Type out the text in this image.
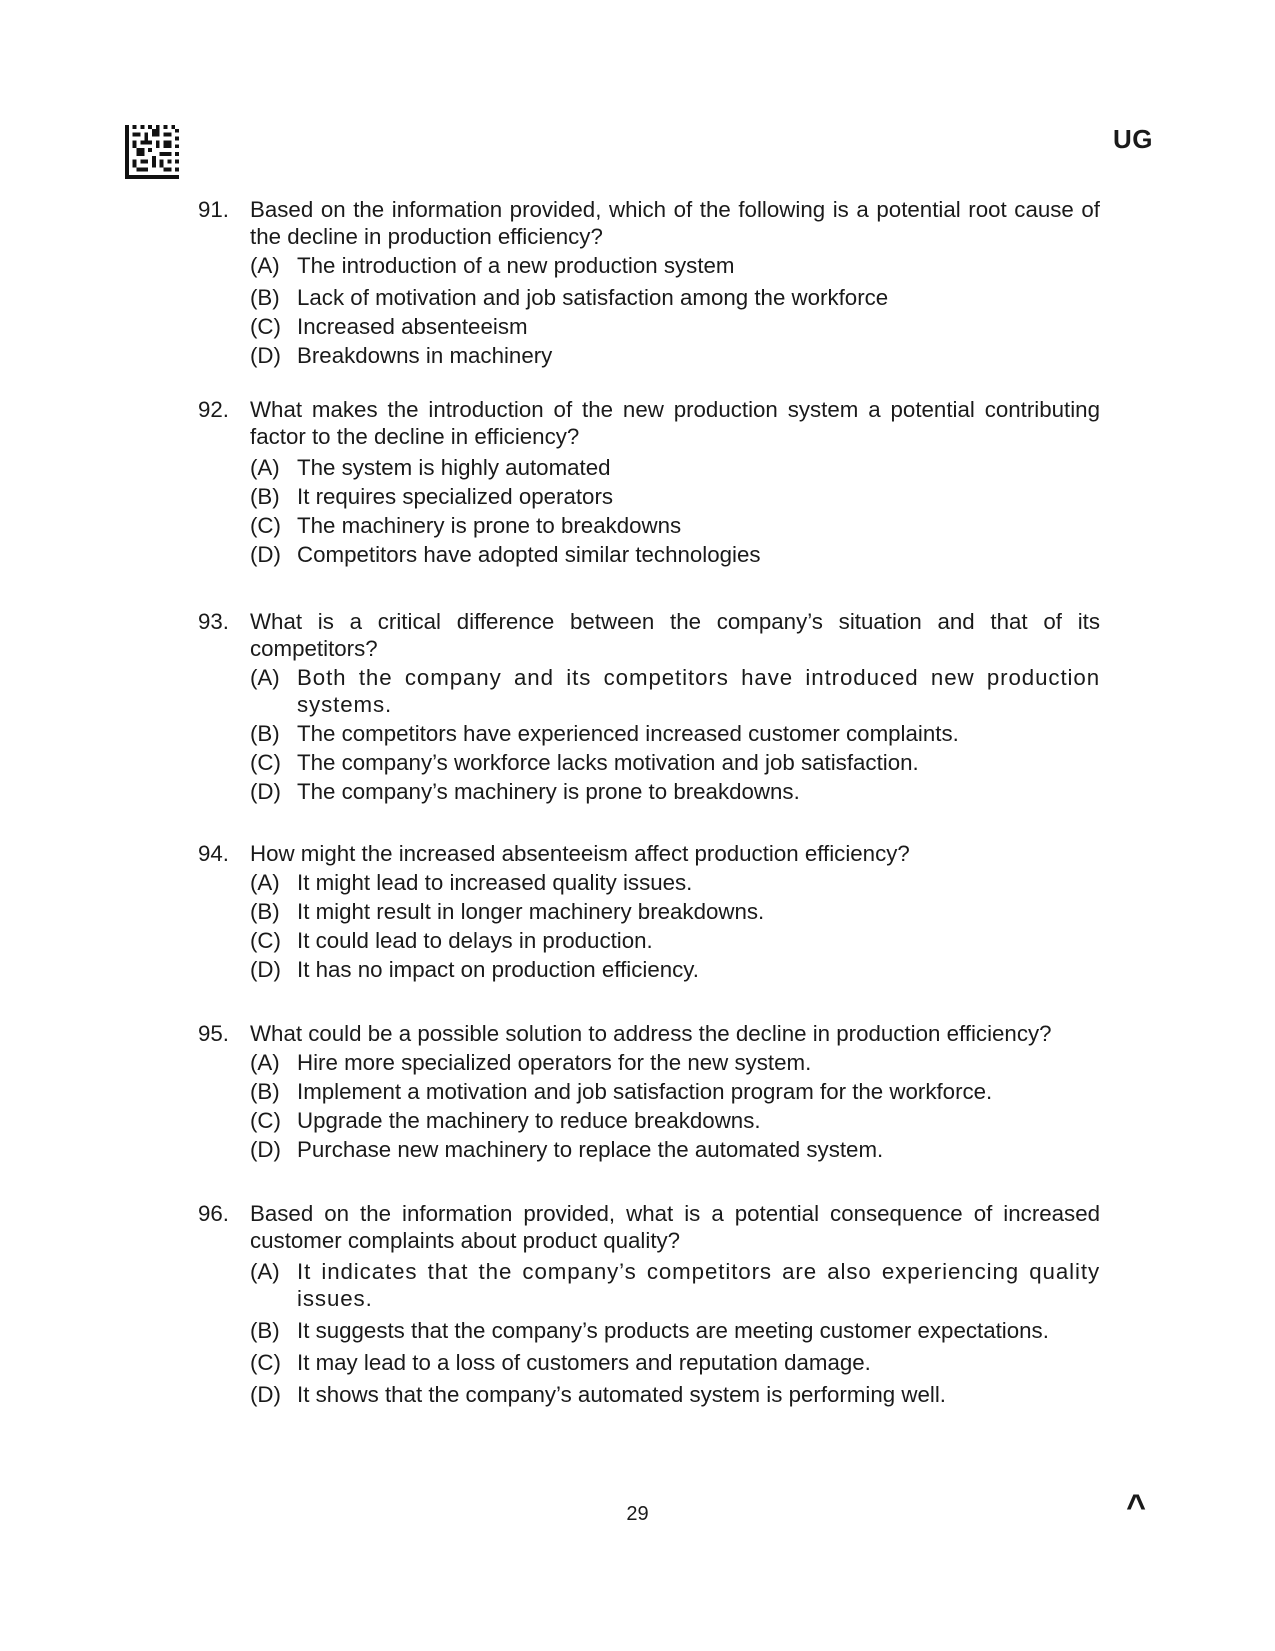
UG
91. Based on the information provided, which of the following is a potential root cause of the decline in production efficiency?
(A) The introduction of a new production system
(B) Lack of motivation and job satisfaction among the workforce
(C) Increased absenteeism
(D) Breakdowns in machinery
92. What makes the introduction of the new production system a potential contributing factor to the decline in efficiency?
(A) The system is highly automated
(B) It requires specialized operators
(C) The machinery is prone to breakdowns
(D) Competitors have adopted similar technologies
93. What is a critical difference between the company’s situation and that of its competitors?
(A) Both the company and its competitors have introduced new production systems.
(B) The competitors have experienced increased customer complaints.
(C) The company’s workforce lacks motivation and job satisfaction.
(D) The company’s machinery is prone to breakdowns.
94. How might the increased absenteeism affect production efficiency?
(A) It might lead to increased quality issues.
(B) It might result in longer machinery breakdowns.
(C) It could lead to delays in production.
(D) It has no impact on production efficiency.
95. What could be a possible solution to address the decline in production efficiency?
(A) Hire more specialized operators for the new system.
(B) Implement a motivation and job satisfaction program for the workforce.
(C) Upgrade the machinery to reduce breakdowns.
(D) Purchase new machinery to replace the automated system.
96. Based on the information provided, what is a potential consequence of increased customer complaints about product quality?
(A) It indicates that the company’s competitors are also experiencing quality issues.
(B) It suggests that the company’s products are meeting customer expectations.
(C) It may lead to a loss of customers and reputation damage.
(D) It shows that the company’s automated system is performing well.
29	^
